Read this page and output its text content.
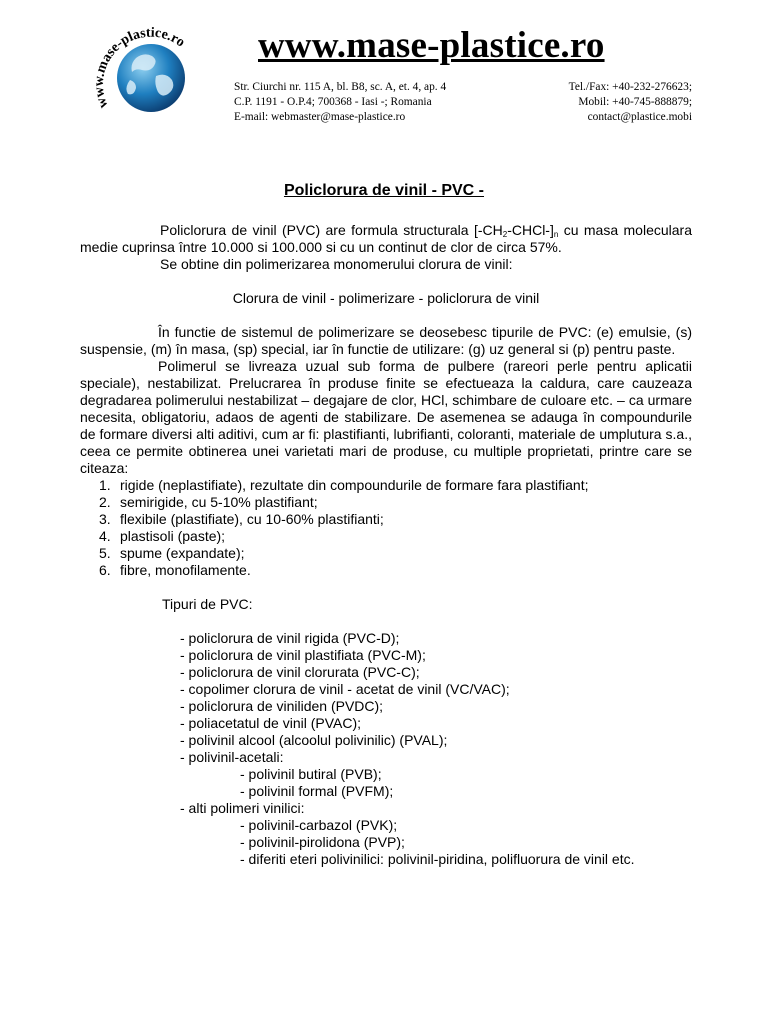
www.mase-plastice.ro www.mase-plastice.ro
Str. Ciurchi nr. 115 A, bl. B8, sc. A, et. 4, ap. 4
C.P. 1191 - O.P.4; 700368 - Iasi -; Romania
E-mail: webmaster@mase-plastice.ro
Tel./Fax: +40-232-276623;
Mobil: +40-745-888879;
contact@plastice.mobi
Policlorura de vinil - PVC -

Policlorura de vinil (PVC) are formula structurala $[-CH_2-CHCl-]_n$ cu masa moleculara medie cuprinsa între 10.000 si 100.000 si cu un continut de clor de circa 57%.

Se obtine din polimerizarea monomerului clorura de vinil:

Clorura de vinil - polimerizare - policlorura de vinil

În functie de sistemul de polimerizare se deosebesc tipurile de PVC: (e) emulsie, (s) suspensie, (m) în masa, (sp) special, iar în functie de utilizare: (g) uz general si (p) pentru paste.

Polimerul se livreaza uzual sub forma de pulbere (rareori perle pentru aplicatii speciale), nestabilizat. Prelucrarea în produse finite se efectueaza la caldura, care cauzeaza degradarea polimerului nestabilizat – degajare de clor, HCl, schimbare de culoare etc. – ca urmare necesita, obligatoriu, adaos de agenti de stabilizare. De asemenea se adauga în compoundurile de formare diversi alti aditivi, cum ar fi: plastifianti, lubrifianti, coloranti, materiale de umplutura s.a., ceea ce permite obtinerea unei varietati mari de produse, cu multiple proprietati, printre care se citeaza:

1. rigide (neplastifiate), rezultate din compoundurile de formare fara plastifiant;
2. semirigide, cu 5-10% plastifiant;
3. flexibile (plastifiate), cu 10-60% plastifianti;
4. plastisoli (paste);
5. spume (expandate);
6. fibre, monofilamente.

Tipuri de PVC:

- policlorura de vinil rigida (PVC-D);
- policlorura de vinil plastifiata (PVC-M);
- policlorura de vinil clorurata (PVC-C);
- copolimer clorura de vinil - acetat de vinil (VC/VAC);
- policlorura de viniliden (PVDC);
- poliacetatul de vinil (PVAC);
- polivinil alcool (alcoolul polivinilic) (PVAL);
- polivinil-acetali:
- polivinil butiral (PVB);
- polivinil formal (PVFM);
- alti polimeri vinilici:
- polivinil-carbazol (PVK);
- polivinil-pirolidona (PVP);
- diferiti eteri polivinilici: polivinil-piridina, polifluorura de vinil etc.
